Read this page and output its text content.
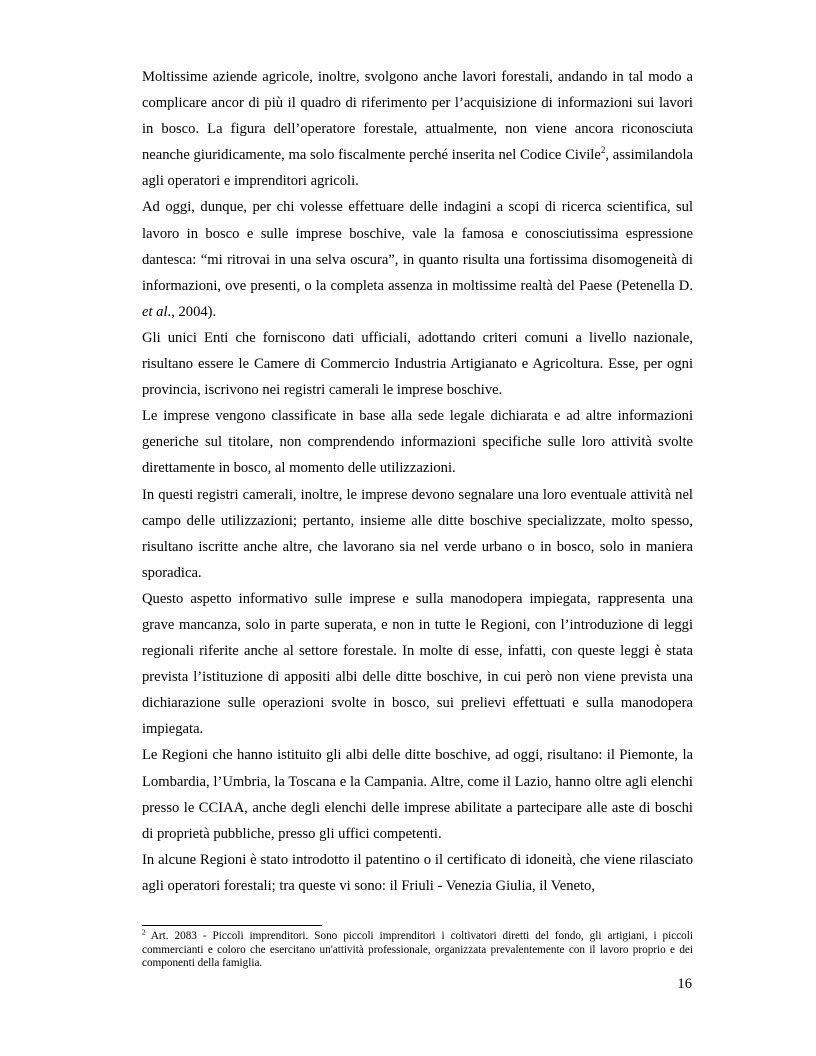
Moltissime aziende agricole, inoltre, svolgono anche lavori forestali, andando in tal modo a complicare ancor di più il quadro di riferimento per l’acquisizione di informazioni sui lavori in bosco. La figura dell’operatore forestale, attualmente, non viene ancora riconosciuta neanche giuridicamente, ma solo fiscalmente perché inserita nel Codice Civile$^2$, assimilandola agli operatori e imprenditori agricoli.

Ad oggi, dunque, per chi volesse effettuare delle indagini a scopi di ricerca scientifica, sul lavoro in bosco e sulle imprese boschive, vale la famosa e conosciutissima espressione dantesca: “mi ritrovai in una selva oscura”, in quanto risulta una fortissima disomogeneità di informazioni, ove presenti, o la completa assenza in moltissime realtà del Paese (Petenella D. et al., 2004).

Gli unici Enti che forniscono dati ufficiali, adottando criteri comuni a livello nazionale, risultano essere le Camere di Commercio Industria Artigianato e Agricoltura. Esse, per ogni provincia, iscrivono nei registri camerali le imprese boschive.

Le imprese vengono classificate in base alla sede legale dichiarata e ad altre informazioni generiche sul titolare, non comprendendo informazioni specifiche sulle loro attività svolte direttamente in bosco, al momento delle utilizzazioni.

In questi registri camerali, inoltre, le imprese devono segnalare una loro eventuale attività nel campo delle utilizzazioni; pertanto, insieme alle ditte boschive specializzate, molto spesso, risultano iscritte anche altre, che lavorano sia nel verde urbano o in bosco, solo in maniera sporadica.

Questo aspetto informativo sulle imprese e sulla manodopera impiegata, rappresenta una grave mancanza, solo in parte superata, e non in tutte le Regioni, con l’introduzione di leggi regionali riferite anche al settore forestale. In molte di esse, infatti, con queste leggi è stata prevista l’istituzione di appositi albi delle ditte boschive, in cui però non viene prevista una dichiarazione sulle operazioni svolte in bosco, sui prelievi effettuati e sulla manodopera impiegata.

Le Regioni che hanno istituito gli albi delle ditte boschive, ad oggi, risultano: il Piemonte, la Lombardia, l’Umbria, la Toscana e la Campania. Altre, come il Lazio, hanno oltre agli elenchi presso le CCIAA, anche degli elenchi delle imprese abilitate a partecipare alle aste di boschi di proprietà pubbliche, presso gli uffici competenti.

In alcune Regioni è stato introdotto il patentino o il certificato di idoneità, che viene rilasciato agli operatori forestali; tra queste vi sono: il Friuli - Venezia Giulia, il Veneto,

$^2$ Art. 2083 - Piccoli imprenditori. Sono piccoli imprenditori i coltivatori diretti del fondo, gli artigiani, i piccoli commercianti e coloro che esercitano un'attività professionale, organizzata prevalentemente con il lavoro proprio e dei componenti della famiglia.

16
